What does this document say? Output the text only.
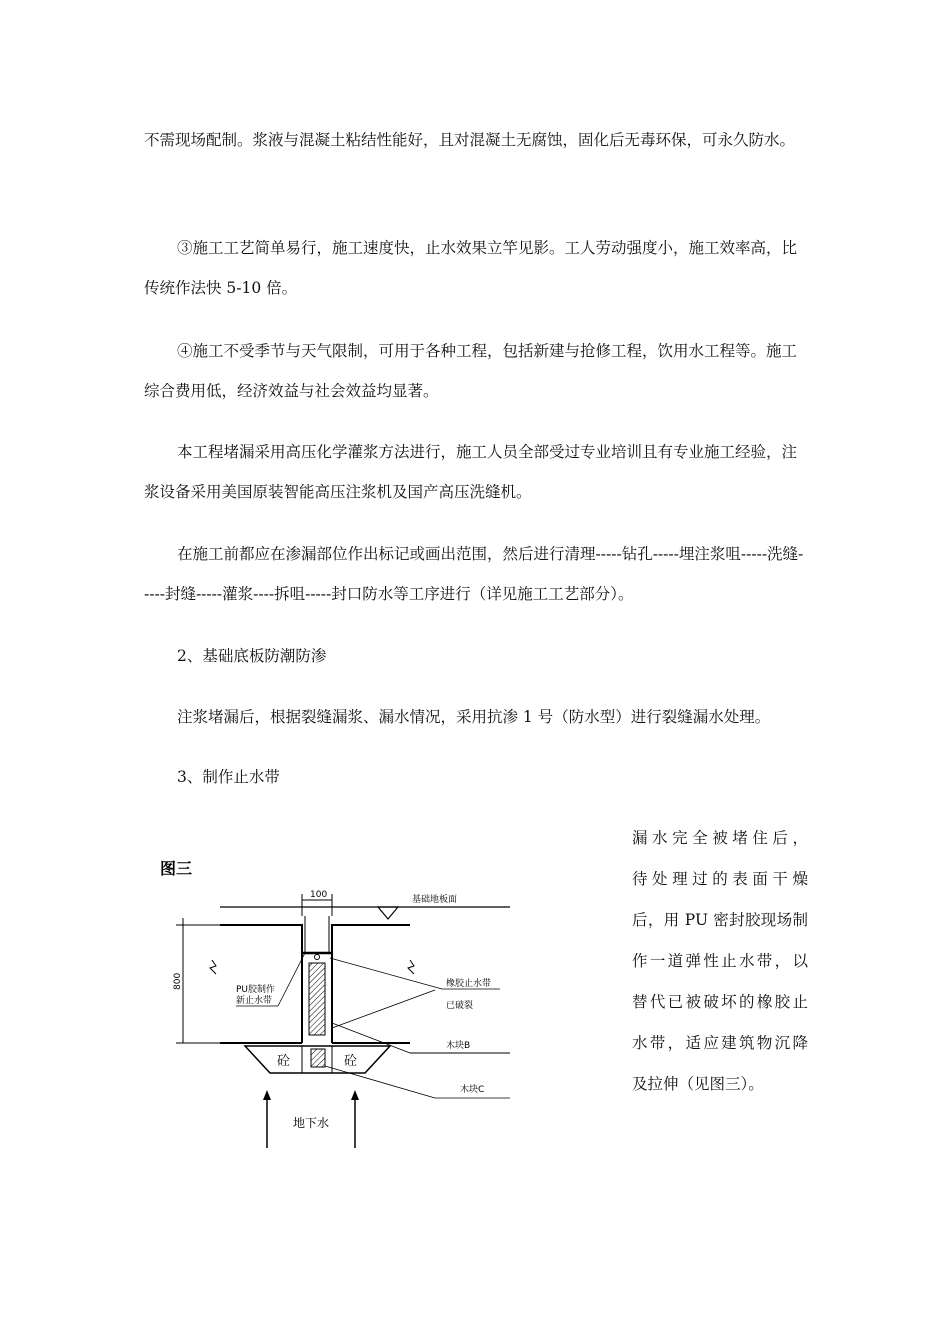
不需现场配制。浆液与混凝土粘结性能好，且对混凝土无腐蚀，固化后无毒环保，可永久防水。

③施工工艺简单易行，施工速度快，止水效果立竿见影。工人劳动强度小，施工效率高，比传统作法快 5-10 倍。

④施工不受季节与天气限制，可用于各种工程，包括新建与抢修工程，饮用水工程等。施工综合费用低，经济效益与社会效益均显著。

本工程堵漏采用高压化学灌浆方法进行，施工人员全部受过专业培训且有专业施工经验，注浆设备采用美国原装智能高压注浆机及国产高压洗缝机。

在施工前都应在渗漏部位作出标记或画出范围，然后进行清理-----钻孔-----埋注浆咀-----洗缝-----封缝-----灌浆----拆咀-----封口防水等工序进行（详见施工工艺部分）。

2、基础底板防潮防渗

注浆堵漏后，根据裂缝漏浆、漏水情况，采用抗渗 1 号（防水型）进行裂缝漏水处理。

3、制作止水带

漏水完全被堵住后，
待处理过的表面干燥
后，用 PU 密封胶现场制
作一道弹性止水带，以
替代已被破坏的橡胶止
水带，适应建筑物沉降
及拉伸（见图三）。

图三
基础地板面
100
800	PU胶制作
新止水带
橡胶止水带
已破裂
木块B
砼	砼
木块C
地下水
